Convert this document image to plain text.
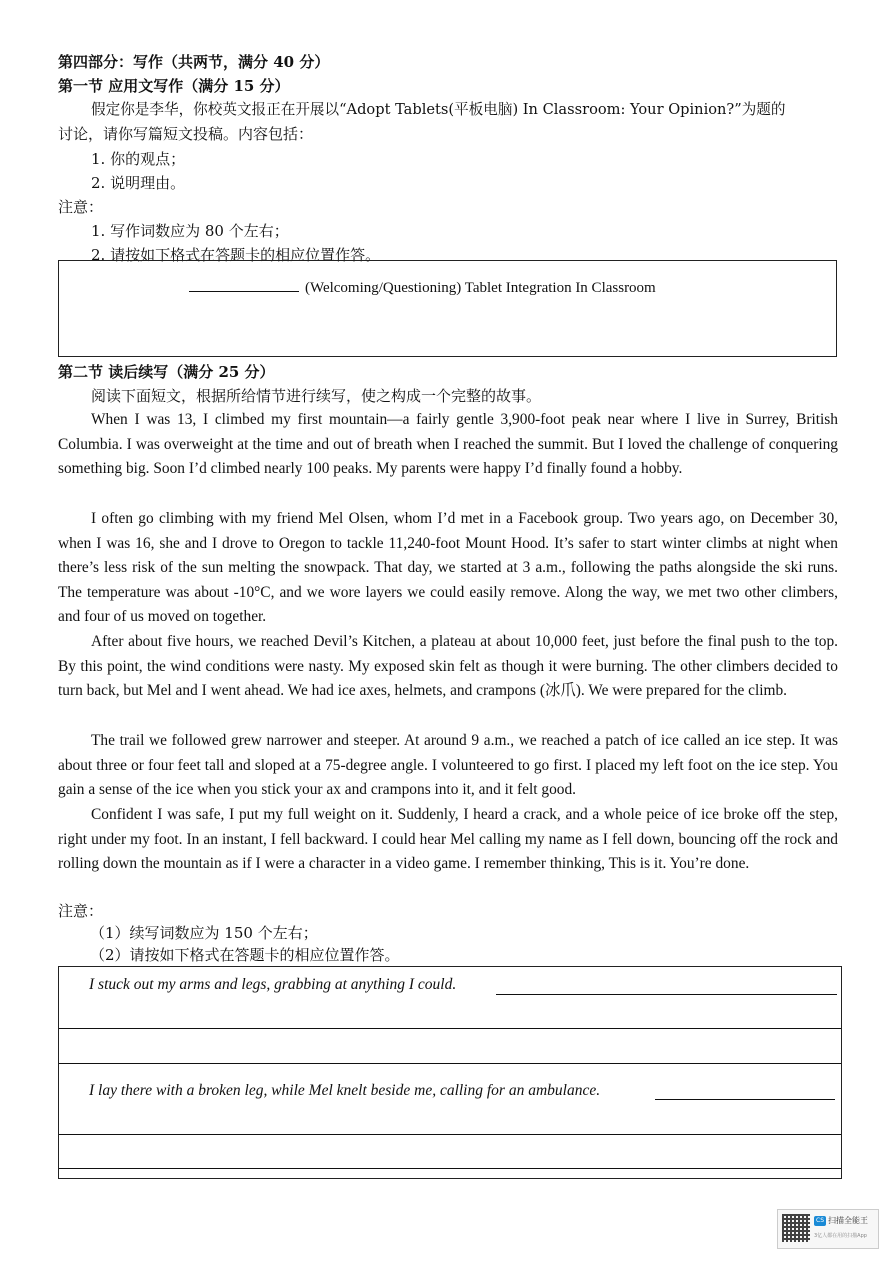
第四部分：写作（共两节，满分 40 分）
第一节 应用文写作（满分 15 分）
假定你是李华，你校英文报正在开展以“Adopt Tablets(平板电脑) In Classroom: Your Opinion?”为题的
讨论，请你写篇短文投稿。内容包括：
1. 你的观点；
2. 说明理由。
注意：
1. 写作词数应为 80 个左右；
2. 请按如下格式在答题卡的相应位置作答。
(Welcoming/Questioning) Tablet Integration In Classroom
第二节 读后续写（满分 25 分）
阅读下面短文，根据所给情节进行续写，使之构成一个完整的故事。

When I was 13, I climbed my first mountain—a fairly gentle 3,900-foot peak near where I live in Surrey, British Columbia. I was overweight at the time and out of breath when I reached the summit. But I loved the challenge of conquering something big. Soon I’d climbed nearly 100 peaks. My parents were happy I’d finally found a hobby.

I often go climbing with my friend Mel Olsen, whom I’d met in a Facebook group. Two years ago, on December 30, when I was 16, she and I drove to Oregon to tackle 11,240-foot Mount Hood. It’s safer to start winter climbs at night when there’s less risk of the sun melting the snowpack. That day, we started at 3 a.m., following the paths alongside the ski runs. The temperature was about -10°C, and we wore layers we could easily remove. Along the way, we met two other climbers, and four of us moved on together.

After about five hours, we reached Devil’s Kitchen, a plateau at about 10,000 feet, just before the final push to the top. By this point, the wind conditions were nasty. My exposed skin felt as though it were burning. The other climbers decided to turn back, but Mel and I went ahead. We had ice axes, helmets, and crampons (冰爪). We were prepared for the climb.

The trail we followed grew narrower and steeper. At around 9 a.m., we reached a patch of ice called an ice step. It was about three or four feet tall and sloped at a 75-degree angle. I volunteered to go first. I placed my left foot on the ice step. You gain a sense of the ice when you stick your ax and crampons into it, and it felt good.

Confident I was safe, I put my full weight on it. Suddenly, I heard a crack, and a whole peice of ice broke off the step, right under my foot. In an instant, I fell backward. I could hear Mel calling my name as I fell down, bouncing off the rock and rolling down the mountain as if I were a character in a video game. I remember thinking, This is it. You’re done.

注意：
（1）续写词数应为 150 个左右；
（2）请按如下格式在答题卡的相应位置作答。
I stuck out my arms and legs, grabbing at anything I could.
I lay there with a broken leg, while Mel knelt beside me, calling for an ambulance.
CS 扫描全能王
3亿人都在用的扫描App
